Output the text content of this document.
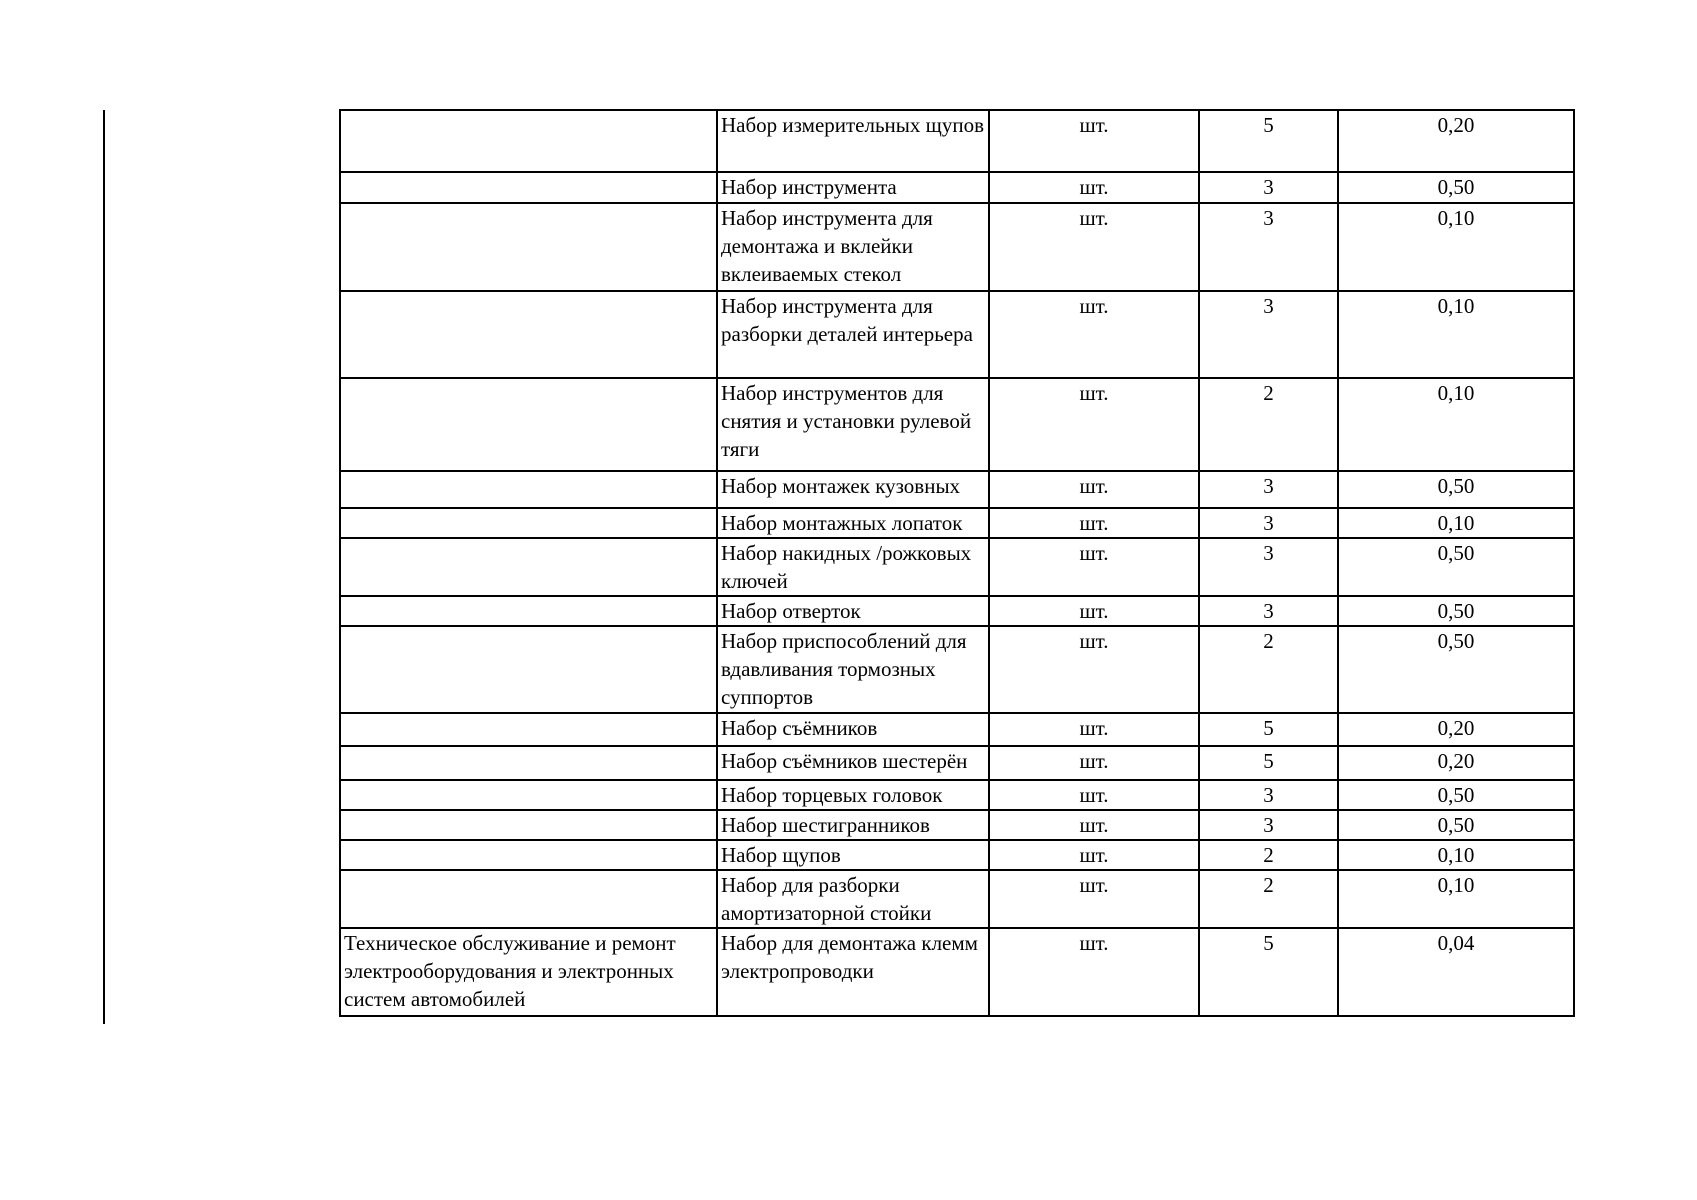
	Набор измерительных щупов	шт.	5	0,20
	Набор инструмента	шт.	3	0,50
	Набор инструмента для демонтажа и вклейки вклеиваемых стекол	шт.	3	0,10
	Набор инструмента для разборки деталей интерьера	шт.	3	0,10
	Набор инструментов для снятия и установки рулевой тяги	шт.	2	0,10
	Набор монтажек кузовных	шт.	3	0,50
	Набор монтажных лопаток	шт.	3	0,10
	Набор накидных /рожковых ключей	шт.	3	0,50
	Набор отверток	шт.	3	0,50
	Набор приспособлений для вдавливания тормозных суппортов	шт.	2	0,50
	Набор съёмников	шт.	5	0,20
	Набор съёмников шестерён	шт.	5	0,20
	Набор торцевых головок	шт.	3	0,50
	Набор шестигранников	шт.	3	0,50
	Набор щупов	шт.	2	0,10
	Набор для разборки амортизаторной стойки	шт.	2	0,10
Техническое обслуживание и ремонт электрооборудования и электронных систем автомобилей	Набор для демонтажа клемм электропроводки	шт.	5	0,04
